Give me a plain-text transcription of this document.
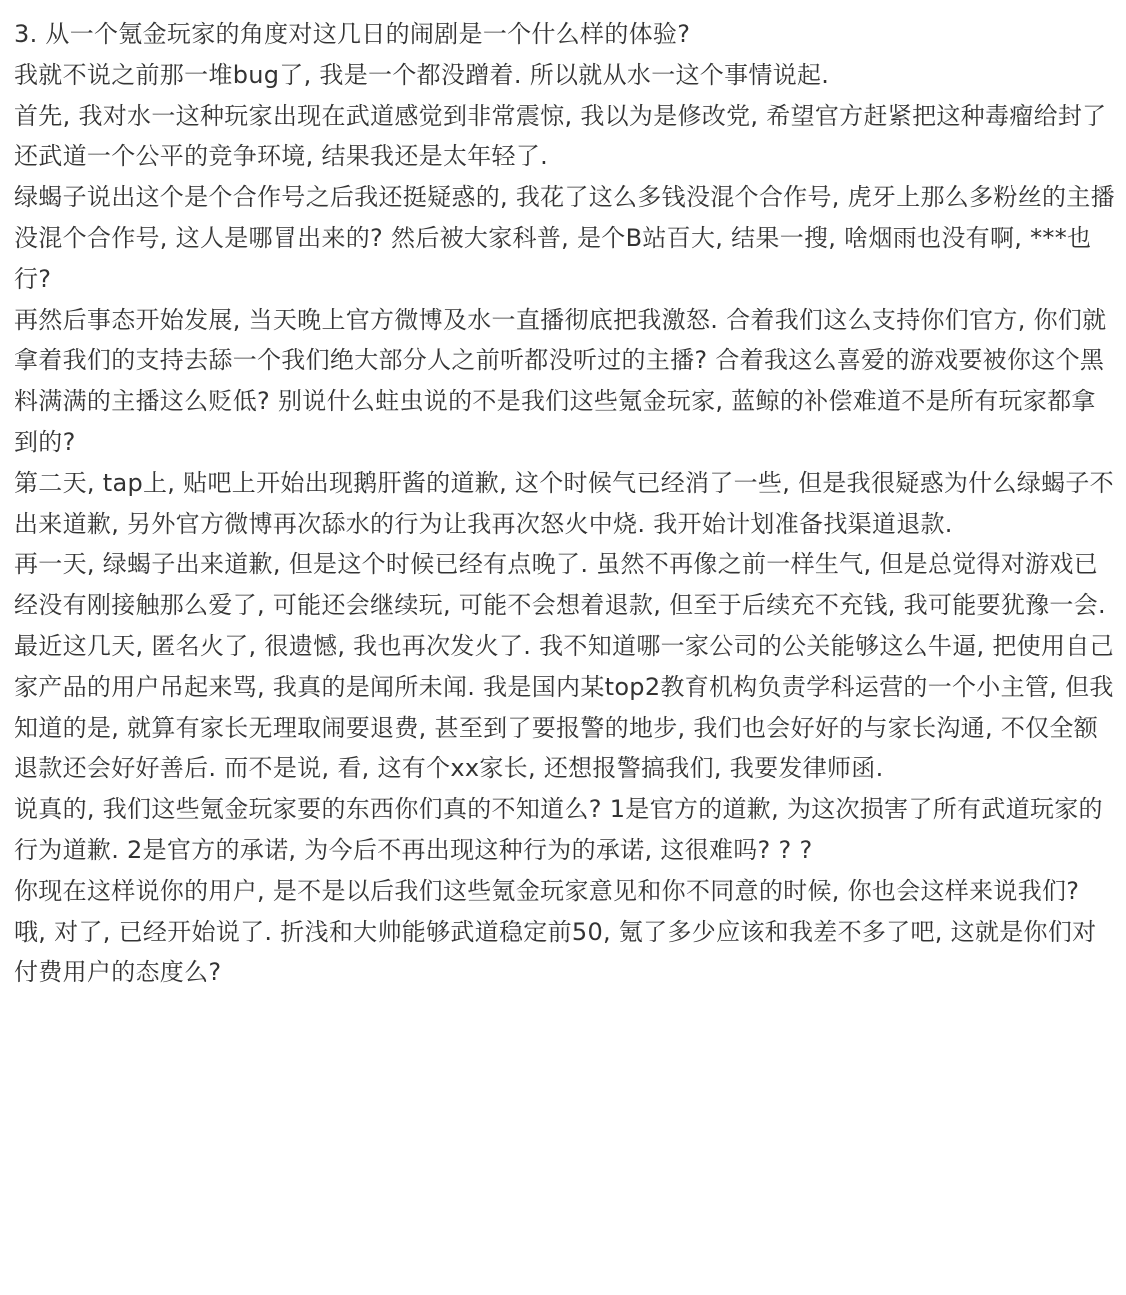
3. 从一个氪金玩家的角度对这几日的闹剧是一个什么样的体验?

我就不说之前那一堆bug了, 我是一个都没蹭着. 所以就从水一这个事情说起.

首先, 我对水一这种玩家出现在武道感觉到非常震惊, 我以为是修改党, 希望官方赶紧把这种毒瘤给封了还武道一个公平的竞争环境, 结果我还是太年轻了.

绿蝎子说出这个是个合作号之后我还挺疑惑的, 我花了这么多钱没混个合作号, 虎牙上那么多粉丝的主播没混个合作号, 这人是哪冒出来的? 然后被大家科普, 是个B站百大, 结果一搜, 啥烟雨也没有啊, ***也行?

再然后事态开始发展, 当天晚上官方微博及水一直播彻底把我激怒. 合着我们这么支持你们官方, 你们就拿着我们的支持去舔一个我们绝大部分人之前听都没听过的主播? 合着我这么喜爱的游戏要被你这个黑料满满的主播这么贬低? 别说什么蛀虫说的不是我们这些氪金玩家, 蓝鲸的补偿难道不是所有玩家都拿到的?

第二天, tap上, 贴吧上开始出现鹅肝酱的道歉, 这个时候气已经消了一些, 但是我很疑惑为什么绿蝎子不出来道歉, 另外官方微博再次舔水的行为让我再次怒火中烧. 我开始计划准备找渠道退款.

再一天, 绿蝎子出来道歉, 但是这个时候已经有点晚了. 虽然不再像之前一样生气, 但是总觉得对游戏已经没有刚接触那么爱了, 可能还会继续玩, 可能不会想着退款, 但至于后续充不充钱, 我可能要犹豫一会.

最近这几天, 匿名火了, 很遗憾, 我也再次发火了. 我不知道哪一家公司的公关能够这么牛逼, 把使用自己家产品的用户吊起来骂, 我真的是闻所未闻. 我是国内某top2教育机构负责学科运营的一个小主管, 但我知道的是, 就算有家长无理取闹要退费, 甚至到了要报警的地步, 我们也会好好的与家长沟通, 不仅全额退款还会好好善后. 而不是说, 看, 这有个xx家长, 还想报警搞我们, 我要发律师函.

说真的, 我们这些氪金玩家要的东西你们真的不知道么? 1是官方的道歉, 为这次损害了所有武道玩家的行为道歉. 2是官方的承诺, 为今后不再出现这种行为的承诺, 这很难吗? ? ?

你现在这样说你的用户, 是不是以后我们这些氪金玩家意见和你不同意的时候, 你也会这样来说我们? 哦, 对了, 已经开始说了. 折浅和大帅能够武道稳定前50, 氪了多少应该和我差不多了吧, 这就是你们对付费用户的态度么?
